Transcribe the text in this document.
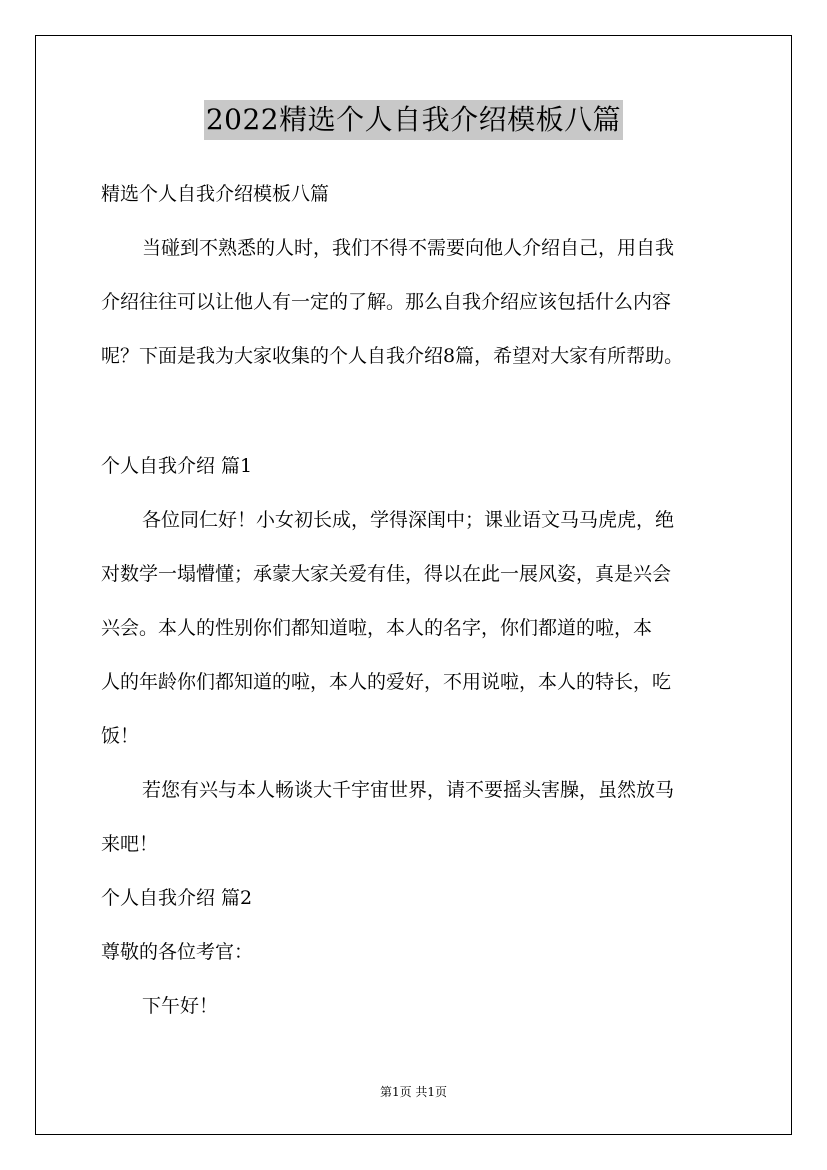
2022精选个人自我介绍模板八篇
精选个人自我介绍模板八篇
当碰到不熟悉的人时，我们不得不需要向他人介绍自己，用自我
介绍往往可以让他人有一定的了解。那么自我介绍应该包括什么内容
呢？下面是我为大家收集的个人自我介绍8篇，希望对大家有所帮助。
个人自我介绍 篇1
各位同仁好！小女初长成，学得深闺中；课业语文马马虎虎，绝
对数学一塌懵懂；承蒙大家关爱有佳，得以在此一展风姿，真是兴会
兴会。本人的性别你们都知道啦，本人的名字，你们都道的啦，本
人的年龄你们都知道的啦，本人的爱好，不用说啦，本人的特长，吃
饭！
若您有兴与本人畅谈大千宇宙世界，请不要摇头害臊，虽然放马
来吧！
个人自我介绍 篇2
尊敬的各位考官：
下午好！
第1页 共1页
